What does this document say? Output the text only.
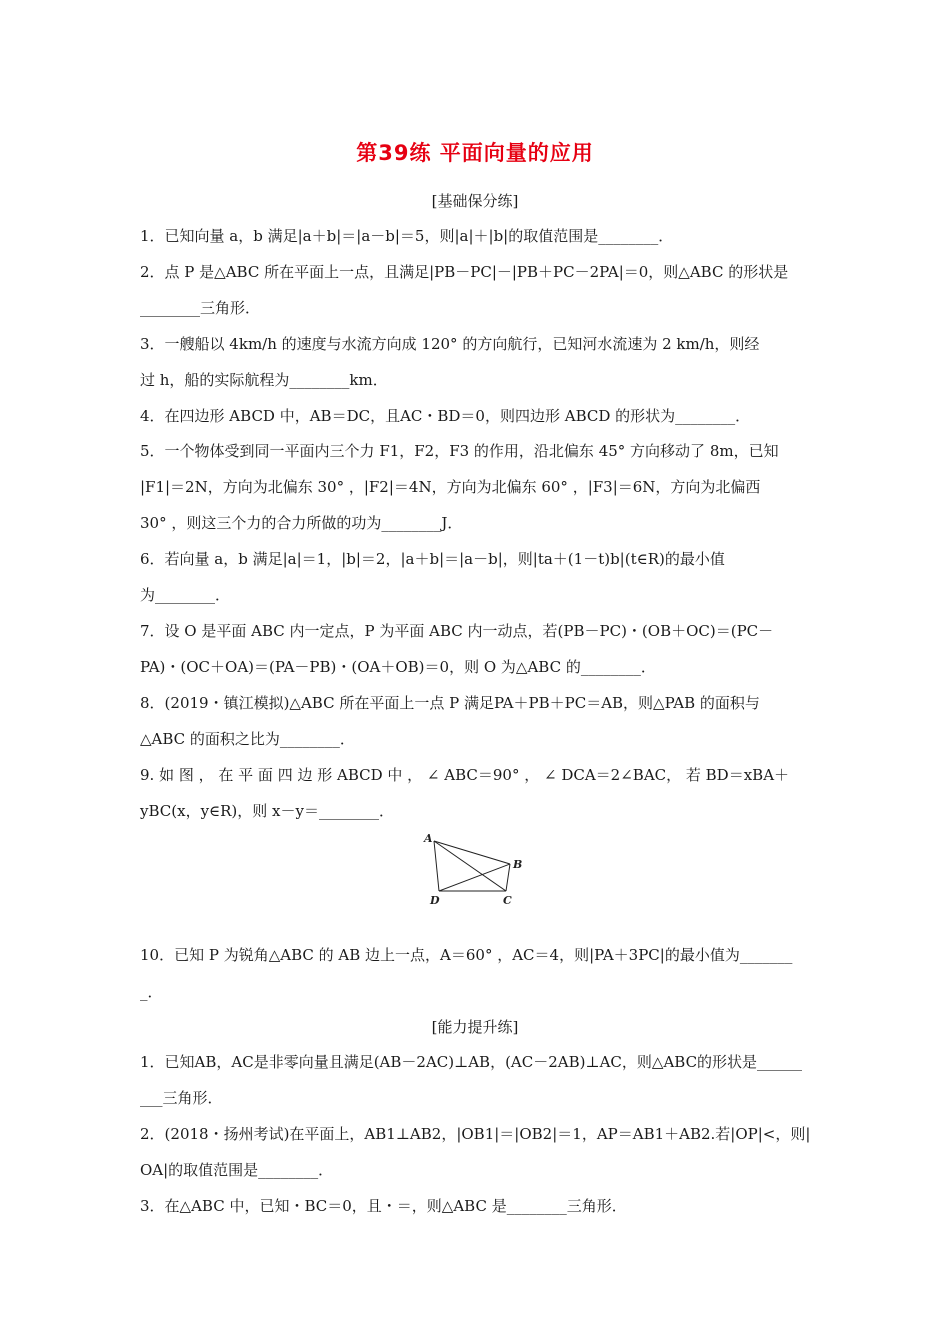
第39练 平面向量的应用
[基础保分练]
1．已知向量 a，b 满足|a＋b|＝|a－b|＝5，则|a|＋|b|的取值范围是________．
2．点 P 是△ABC 所在平面上一点，且满足|PB－PC|－|PB＋PC－2PA|＝0，则△ABC 的形状是
________三角形．
3．一艘船以 4km/h 的速度与水流方向成 120° 的方向航行，已知河水流速为 2 km/h，则经
过 h，船的实际航程为________km．
4．在四边形 ABCD 中，AB＝DC，且AC・BD＝0，则四边形 ABCD 的形状为________．
5．一个物体受到同一平面内三个力 F1，F2，F3 的作用，沿北偏东 45° 方向移动了 8m，已知
|F1|＝2N，方向为北偏东 30° ，|F2|＝4N，方向为北偏东 60° ，|F3|＝6N，方向为北偏西
30° ，则这三个力的合力所做的功为________J．
6．若向量 a，b 满足|a|＝1，|b|＝2，|a＋b|＝|a－b|，则|ta＋(1－t)b|(t∈R)的最小值
为________．
7．设 O 是平面 ABC 内一定点，P 为平面 ABC 内一动点，若(PB－PC)・(OB＋OC)＝(PC－
PA)・(OC＋OA)＝(PA－PB)・(OA＋OB)＝0，则 O 为△ABC 的________．
8．(2019・镇江模拟)△ABC 所在平面上一点 P 满足PA＋PB＋PC＝AB，则△PAB 的面积与
△ABC 的面积之比为________．
9. 如 图 ， 在 平 面 四 边 形 ABCD 中 ， ∠ ABC＝90° ， ∠ DCA＝2∠BAC， 若 BD＝xBA＋
yBC(x，y∈R)，则 x－y＝________．
A
B
C
D
10．已知 P 为锐角△ABC 的 AB 边上一点，A＝60° ，AC＝4，则|PA＋3PC|的最小值为_______
_．
[能力提升练]
1．已知AB，AC是非零向量且满足(AB－2AC)⊥AB，(AC－2AB)⊥AC，则△ABC的形状是______
___三角形．
2．(2018・扬州考试)在平面上，AB1⊥AB2，|OB1|＝|OB2|＝1，AP＝AB1＋AB2.若|OP|<，则|
OA|的取值范围是________．
3．在△ABC 中，已知・BC＝0，且・＝，则△ABC 是________三角形．
